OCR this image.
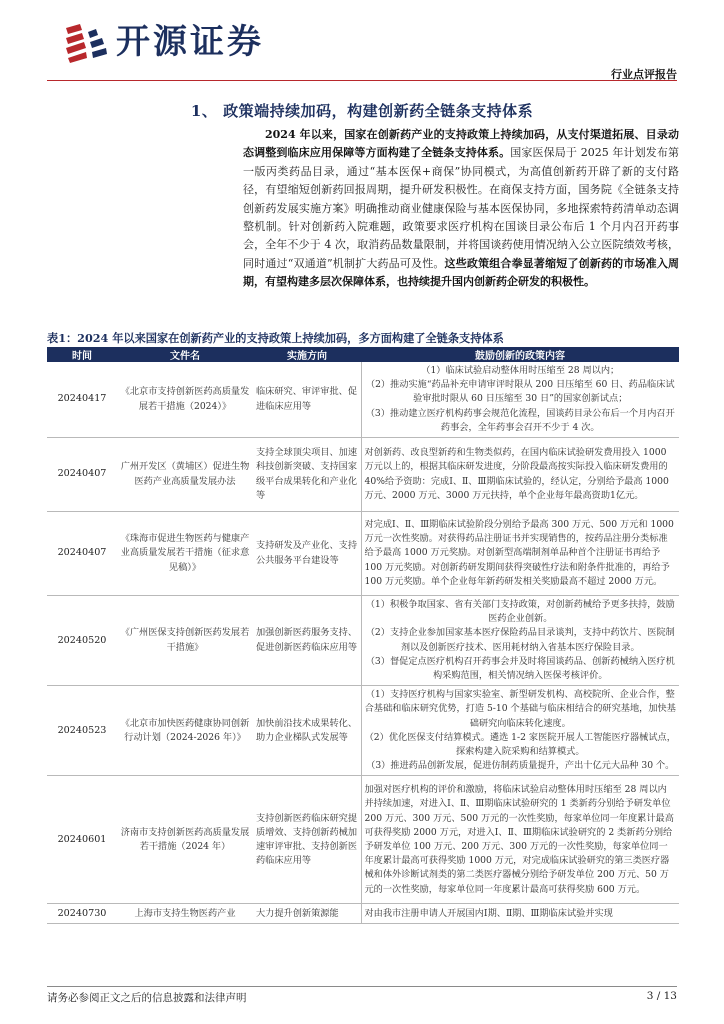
开源证券
行业点评报告
1、 政策端持续加码，构建创新药全链条支持体系
2024 年以来，国家在创新药产业的支持政策上持续加码，从支付渠道拓展、目录动态调整到临床应用保障等方面构建了全链条支持体系。国家医保局于 2025 年计划发布第一版丙类药品目录，通过“基本医保+商保”协同模式，为高值创新药开辟了新的支付路径，有望缩短创新药回报周期，提升研发积极性。在商保支持方面，国务院《全链条支持创新药发展实施方案》明确推动商业健康保险与基本医保协同，多地探索特药清单动态调整机制。针对创新药入院难题，政策要求医疗机构在国谈目录公布后 1 个月内召开药事会，全年不少于 4 次，取消药品数量限制，并将国谈药使用情况纳入公立医院绩效考核，同时通过“双通道”机制扩大药品可及性。这些政策组合拳显著缩短了创新药的市场准入周期，有望构建多层次保障体系，也持续提升国内创新药企研发的积极性。
表1：2024 年以来国家在创新药产业的支持政策上持续加码，多方面构建了全链条支持体系
时间	文件名	实施方向	鼓励创新的政策内容
20240417	《北京市支持创新医药高质量发展若干措施（2024）》	临床研究、审评审批、促进临床应用等	（1）临床试验启动整体用时压缩至 28 周以内；
（2）推动实施“药品补充申请审评时限从 200 日压缩至 60 日、药品临床试验审批时限从 60 日压缩至 30 日”的国家创新试点；
（3）推动建立医疗机构药事会规范化流程，国谈药目录公布后一个月内召开药事会，全年药事会召开不少于 4 次。

20240407	广州开发区（黄埔区）促进生物医药产业高质量发展办法	支持全球顶尖项目、加速科技创新突破、支持国家级平台成果转化和产业化等	对创新药、改良型新药和生物类似药，在国内临床试验研发费用投入 1000 万元以上的，根据其临床研发进度，分阶段最高按实际投入临床研发费用的40%给予资助：完成Ⅰ、Ⅱ、Ⅲ期临床试验的，经认定，分别给予最高 1000 万元、2000 万元、3000 万元扶持，单个企业每年最高资助1亿元。
20240407	《珠海市促进生物医药与健康产业高质量发展若干措施（征求意见稿）》	支持研发及产业化、支持公共服务平台建设等	对完成Ⅰ、Ⅱ、Ⅲ期临床试验阶段分别给予最高 300 万元、500 万元和 1000 万元一次性奖励。对获得药品注册证书并实现销售的，按药品注册分类标准给予最高 1000 万元奖励。对创新型高端制剂单品种首个注册证书再给予 100 万元奖励。对创新药研发期间获得突破性疗法和附条件批准的，再给予 100 万元奖励。单个企业每年新药研发相关奖励最高不超过 2000 万元。
20240520	《广州医保支持创新医药发展若干措施》	加强创新医药服务支持、促进创新医药临床应用等	（1）积极争取国家、省有关部门支持政策，对创新药械给予更多扶持，鼓励医药企业创新。
（2）支持企业参加国家基本医疗保险药品目录谈判，支持中药饮片、医院制剂以及创新医疗技术、医用耗材纳入省基本医疗保险目录。
（3）督促定点医疗机构召开药事会并及时将国谈药品、创新药械纳入医疗机构采购范围，相关情况纳入医保考核评价。

20240523	《北京市加快医药健康协同创新行动计划（2024-2026 年）》	加快前沿技术成果转化、助力企业梯队式发展等	（1）支持医疗机构与国家实验室、新型研发机构、高校院所、企业合作，整合基础和临床研究优势，打造 5-10 个基础与临床相结合的研究基地，加快基础研究向临床转化速度。
（2）优化医保支付结算模式。遴选 1-2 家医院开展人工智能医疗器械试点，探索构建入院采购和结算模式。
（3）推进药品创新发展，促进仿制药质量提升，产出十亿元大品种 30 个。

20240601	济南市支持创新医药高质量发展若干措施（2024 年）	支持创新医药临床研究提质增效、支持创新药械加速审评审批、支持创新医药临床应用等	加强对医疗机构的评价和激励，将临床试验启动整体用时压缩至 28 周以内并持续加速，对进入Ⅰ、Ⅱ、Ⅲ期临床试验研究的 1 类新药分别给予研发单位 200 万元、300 万元、500 万元的一次性奖励，每家单位同一年度累计最高可获得奖励 2000 万元，对进入Ⅰ、Ⅱ、Ⅲ期临床试验研究的 2 类新药分别给予研发单位 100 万元、200 万元、300 万元的一次性奖励，每家单位同一年度累计最高可获得奖励 1000 万元，对完成临床试验研究的第三类医疗器械和体外诊断试剂类的第二类医疗器械分别给予研发单位 200 万元、50 万元的一次性奖励，每家单位同一年度累计最高可获得奖励 600 万元。
20240730	上海市支持生物医药产业	大力提升创新策源能	对由我市注册申请人开展国内Ⅰ期、Ⅱ期、Ⅲ期临床试验并实现
请务必参阅正文之后的信息披露和法律声明	3 / 13
